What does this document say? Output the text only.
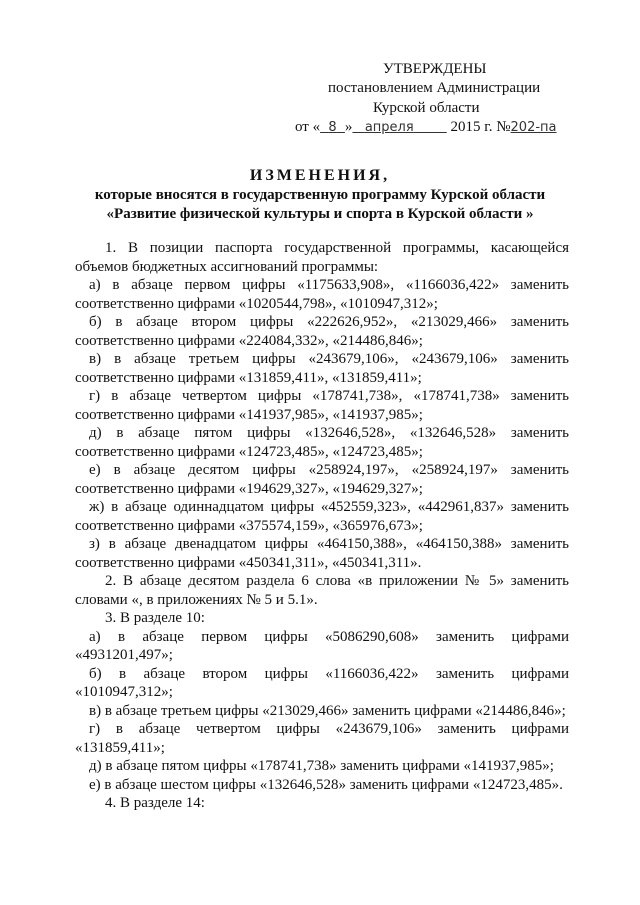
УТВЕРЖДЕНЫ
постановлением Администрации
Курской области
от « 8 » апреля 2015 г. №202-па
ИЗМЕНЕНИЯ,
которые вносятся в государственную программу Курской области
«Развитие физической культуры и спорта в Курской области »

1. В позиции паспорта государственной программы, касающейся объемов бюджетных ассигнований программы:

а) в абзаце первом цифры «1175633,908», «1166036,422» заменить соответственно цифрами «1020544,798», «1010947,312»;

б) в абзаце втором цифры «222626,952», «213029,466» заменить соответственно цифрами «224084,332», «214486,846»;

в) в абзаце третьем цифры «243679,106», «243679,106» заменить соответственно цифрами «131859,411», «131859,411»;

г) в абзаце четвертом цифры «178741,738», «178741,738» заменить соответственно цифрами «141937,985», «141937,985»;

д) в абзаце пятом цифры «132646,528», «132646,528» заменить соответственно цифрами «124723,485», «124723,485»;

е) в абзаце десятом цифры «258924,197», «258924,197» заменить соответственно цифрами «194629,327», «194629,327»;

ж) в абзаце одиннадцатом цифры «452559,323», «442961,837» заменить соответственно цифрами «375574,159», «365976,673»;

з) в абзаце двенадцатом цифры «464150,388», «464150,388» заменить соответственно цифрами «450341,311», «450341,311».

2. В абзаце десятом раздела 6 слова «в приложении № 5» заменить словами «, в приложениях № 5 и 5.1».

3. В разделе 10:

а) в абзаце первом цифры «5086290,608» заменить цифрами «4931201,497»;

б) в абзаце втором цифры «1166036,422» заменить цифрами «1010947,312»;

в) в абзаце третьем цифры «213029,466» заменить цифрами «214486,846»;

г) в абзаце четвертом цифры «243679,106» заменить цифрами «131859,411»;

д) в абзаце пятом цифры «178741,738» заменить цифрами «141937,985»;

е) в абзаце шестом цифры «132646,528» заменить цифрами «124723,485».

4. В разделе 14:
